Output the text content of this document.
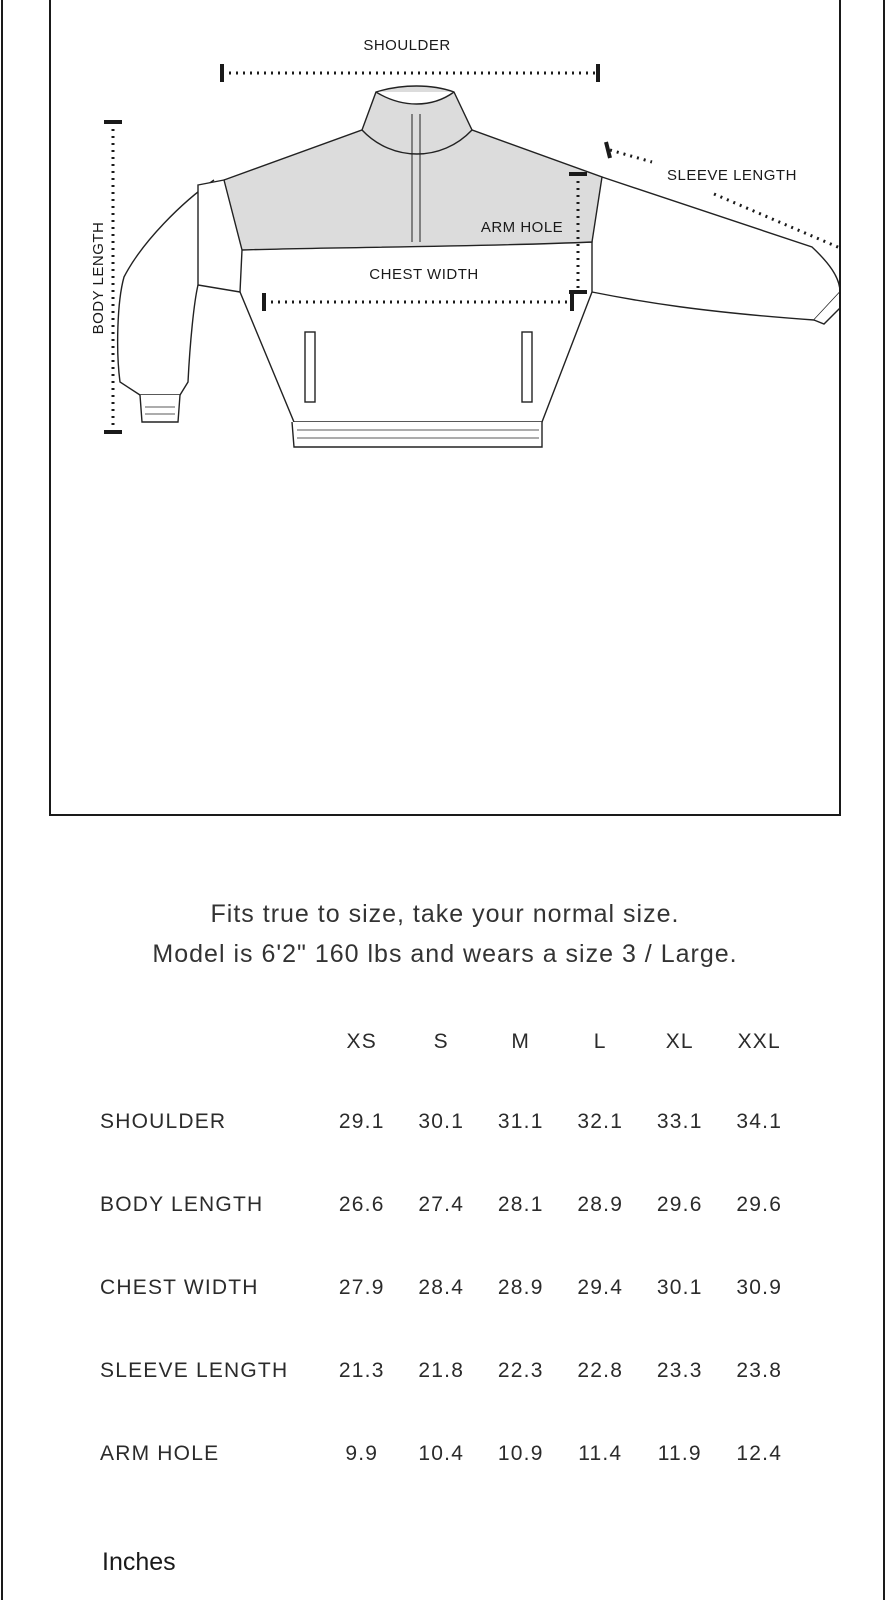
SHOULDER
SLEEVE LENGTH
ARM HOLE
CHEST WIDTH
BODY LENGTH

Fits true to size, take your normal size.

Model is 6'2" 160 lbs and wears a size 3 / Large.

	XS	S	M	L	XL	XXL
SHOULDER	29.1	30.1	31.1	32.1	33.1	34.1
BODY LENGTH	26.6	27.4	28.1	28.9	29.6	29.6
CHEST WIDTH	27.9	28.4	28.9	29.4	30.1	30.9
SLEEVE LENGTH	21.3	21.8	22.3	22.8	23.3	23.8
ARM HOLE	9.9	10.4	10.9	11.4	11.9	12.4

Inches
